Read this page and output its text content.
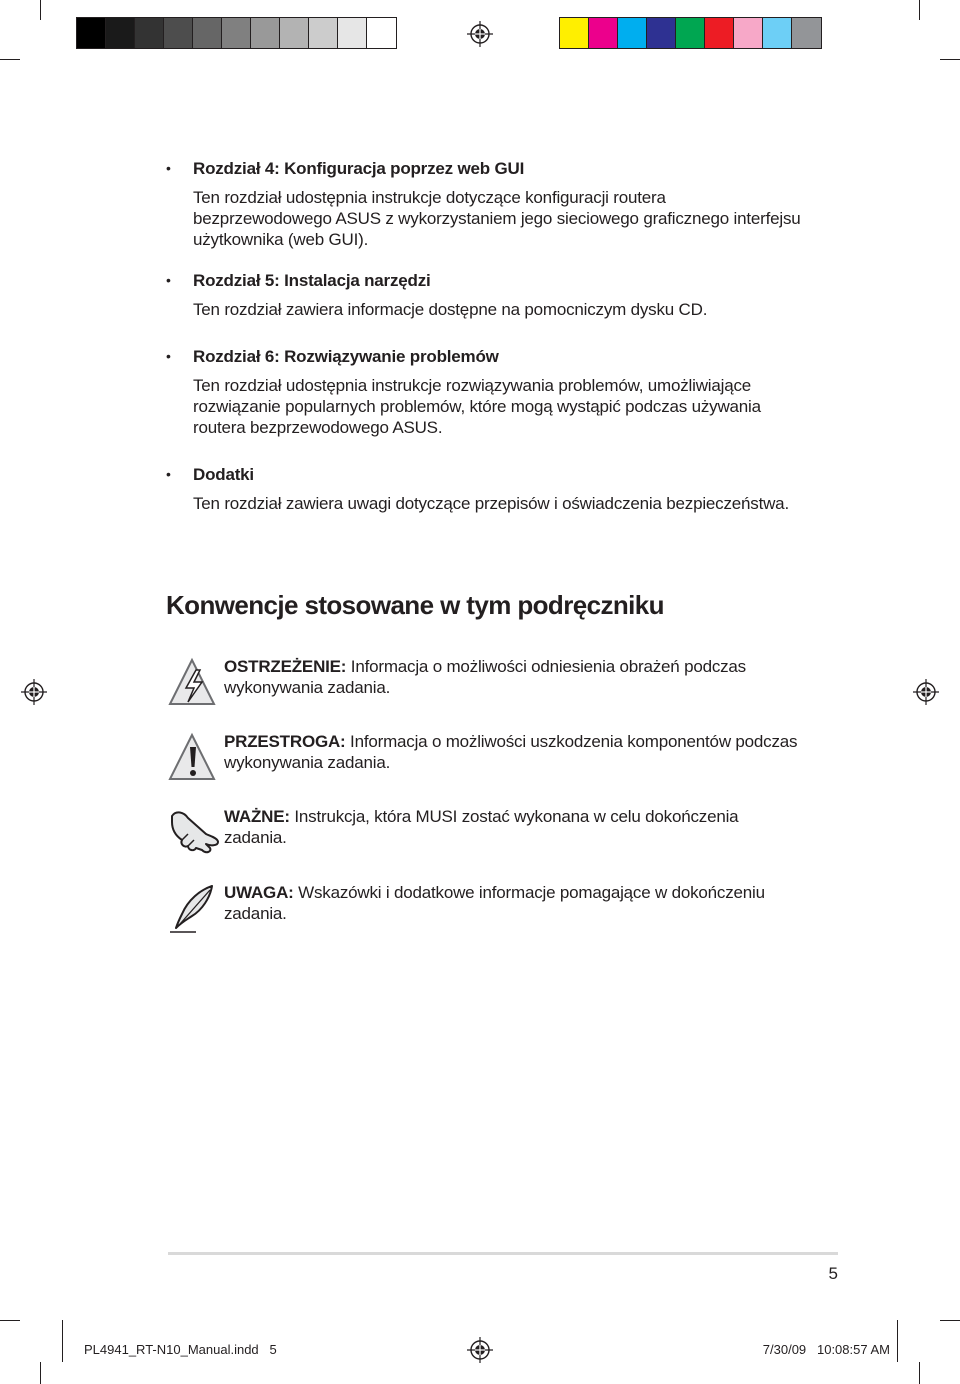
• Rozdział 4: Konfiguracja poprzez web GUI
Ten rozdział udostępnia instrukcje dotyczące konfiguracji routera bezprzewodowego ASUS z wykorzystaniem jego sieciowego graficznego interfejsu użytkownika (web GUI).
• Rozdział 5: Instalacja narzędzi
Ten rozdział zawiera informacje dostępne na pomocniczym dysku CD.
• Rozdział 6: Rozwiązywanie problemów
Ten rozdział udostępnia instrukcje rozwiązywania problemów, umożliwiające rozwiązanie popularnych problemów, które mogą wystąpić podczas używania routera bezprzewodowego ASUS.
• Dodatki
Ten rozdział zawiera uwagi dotyczące przepisów i oświadczenia bezpieczeństwa.
Konwencje stosowane w tym podręczniku
OSTRZEŻENIE: Informacja o możliwości odniesienia obrażeń podczas wykonywania zadania.
PRZESTROGA: Informacja o możliwości uszkodzenia komponentów podczas wykonywania zadania.
WAŻNE: Instrukcja, która MUSI zostać wykonana w celu dokończenia zadania.
UWAGA: Wskazówki i dodatkowe informacje pomagające w dokończeniu zadania.
5
PL4941_RT-N10_Manual.indd   5	7/30/09   10:08:57 AM
